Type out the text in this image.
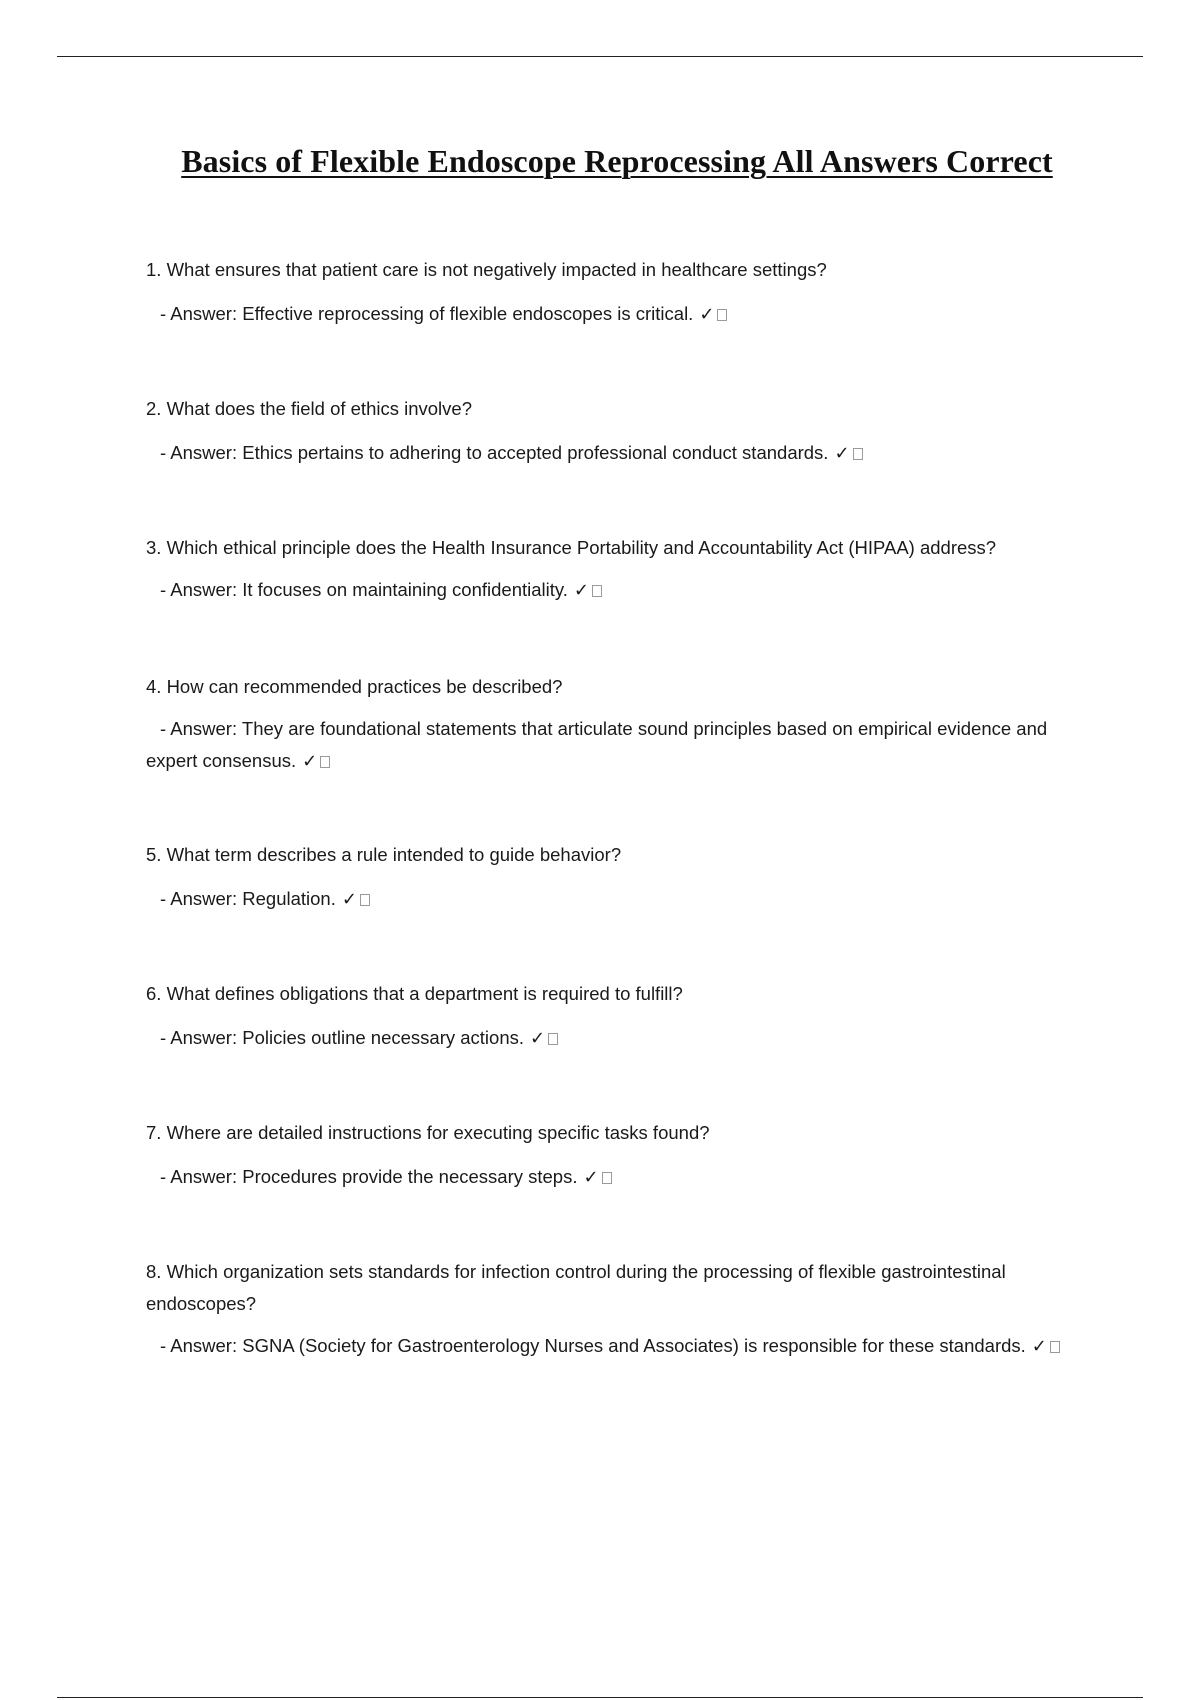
Basics of Flexible Endoscope Reprocessing All Answers Correct

1. What ensures that patient care is not negatively impacted in healthcare settings?

- Answer: Effective reprocessing of flexible endoscopes is critical. ✓

2. What does the field of ethics involve?

- Answer: Ethics pertains to adhering to accepted professional conduct standards. ✓

3. Which ethical principle does the Health Insurance Portability and Accountability Act (HIPAA) address?

- Answer: It focuses on maintaining confidentiality. ✓

4. How can recommended practices be described?

- Answer: They are foundational statements that articulate sound principles based on empirical evidence and expert consensus. ✓

5. What term describes a rule intended to guide behavior?

- Answer: Regulation. ✓

6. What defines obligations that a department is required to fulfill?

- Answer: Policies outline necessary actions. ✓

7. Where are detailed instructions for executing specific tasks found?

- Answer: Procedures provide the necessary steps. ✓

8. Which organization sets standards for infection control during the processing of flexible gastrointestinal endoscopes?

- Answer: SGNA (Society for Gastroenterology Nurses and Associates) is responsible for these standards. ✓
